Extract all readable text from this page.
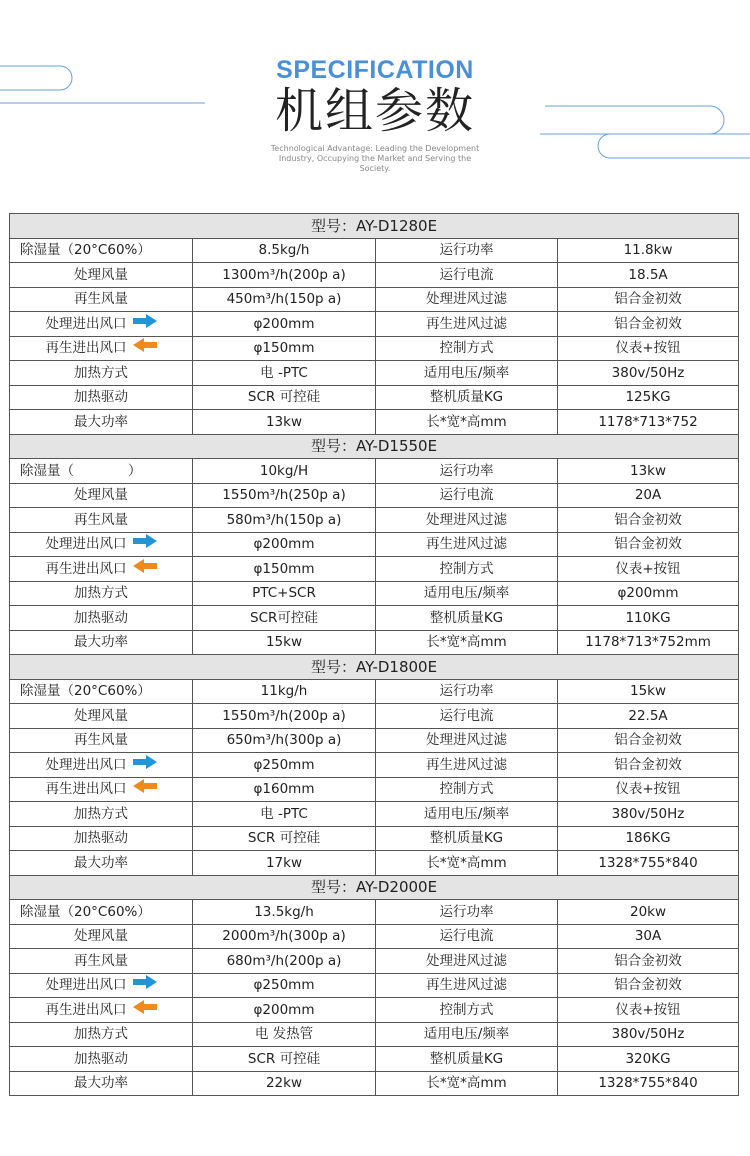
SPECIFICATION
机组参数
Technological Advantage: Leading the Development Industry, Occupying the Market and Serving the Society.
型号：AY-D1280E			
除湿量（20°C60%）	8.5kg/h	运行功率	11.8kw
处理风量	1300m³/h(200p a)	运行电流	18.5A
再生风量	450m³/h(150p a)	处理进风过滤	铝合金初效
处理进出风口	φ200mm	再生进风过滤	铝合金初效
再生进出风口	φ150mm	控制方式	仪表+按钮
加热方式	电 -PTC	适用电压/频率	380v/50Hz
加热驱动	SCR 可控硅	整机质量KG	125KG
最大功率	13kw	长*宽*高mm	1178*713*752
型号：AY-D1550E			
除湿量（　　　　）	10kg/H	运行功率	13kw
处理风量	1550m³/h(250p a)	运行电流	20A
再生风量	580m³/h(150p a)	处理进风过滤	铝合金初效
处理进出风口	φ200mm	再生进风过滤	铝合金初效
再生进出风口	φ150mm	控制方式	仪表+按钮
加热方式	PTC+SCR	适用电压/频率	φ200mm
加热驱动	SCR可控硅	整机质量KG	110KG
最大功率	15kw	长*宽*高mm	1178*713*752mm
型号：AY-D1800E			
除湿量（20°C60%）	11kg/h	运行功率	15kw
处理风量	1550m³/h(200p a)	运行电流	22.5A
再生风量	650m³/h(300p a)	处理进风过滤	铝合金初效
处理进出风口	φ250mm	再生进风过滤	铝合金初效
再生进出风口	φ160mm	控制方式	仪表+按钮
加热方式	电 -PTC	适用电压/频率	380v/50Hz
加热驱动	SCR 可控硅	整机质量KG	186KG
最大功率	17kw	长*宽*高mm	1328*755*840
型号：AY-D2000E			
除湿量（20°C60%）	13.5kg/h	运行功率	20kw
处理风量	2000m³/h(300p a)	运行电流	30A
再生风量	680m³/h(200p a)	处理进风过滤	铝合金初效
处理进出风口	φ250mm	再生进风过滤	铝合金初效
再生进出风口	φ200mm	控制方式	仪表+按钮
加热方式	电 发热管	适用电压/频率	380v/50Hz
加热驱动	SCR 可控硅	整机质量KG	320KG
最大功率	22kw	长*宽*高mm	1328*755*840
